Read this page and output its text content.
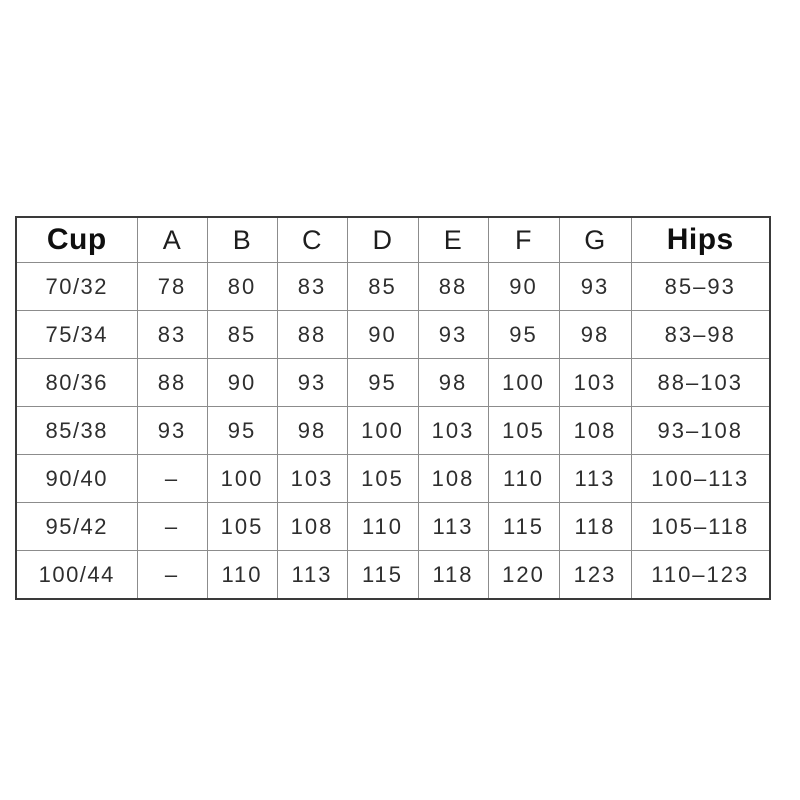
Cup	A	B	C	D	E	F	G	Hips
70/32	78	80	83	85	88	90	93	85–93
75/34	83	85	88	90	93	95	98	83–98
80/36	88	90	93	95	98	100	103	88–103
85/38	93	95	98	100	103	105	108	93–108
90/40	–	100	103	105	108	110	113	100–113
95/42	–	105	108	110	113	115	118	105–118
100/44	–	110	113	115	118	120	123	110–123
